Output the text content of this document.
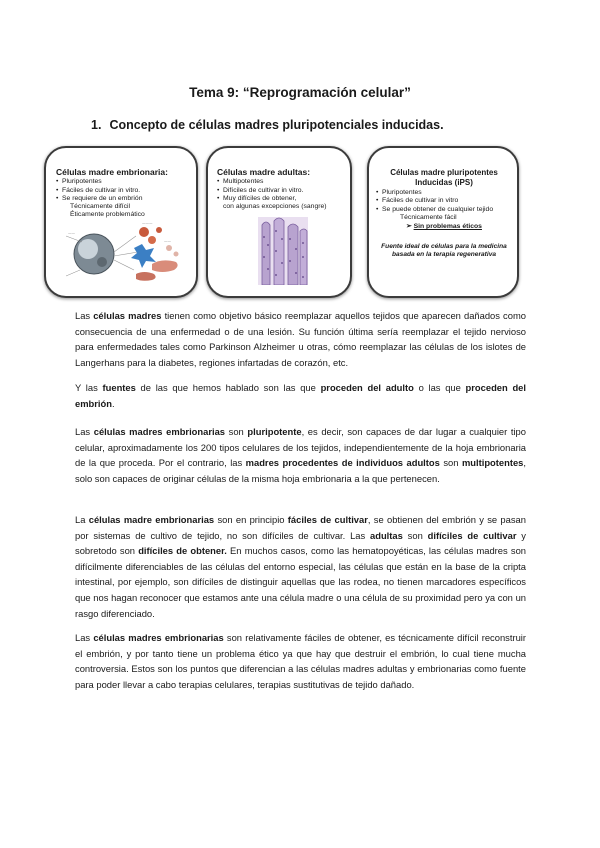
Tema 9: “Reprogramación celular”
1. Concepto de células madres pluripotenciales inducidas.
Células madre embrionaria:
• Pluripotentes
• Fáciles de cultivar in vitro.
• Se requiere de un embrión
Técnicamente difícil
Éticamente problemático
———
——
——
Células madre adultas:
• Multipotentes
• Difíciles de cultivar in vitro.
• Muy difíciles de obtener,
con algunas excepciones (sangre)
Células madre pluripotentes Inducidas (iPS)
• Pluripotentes
• Fáciles de cultivar in vitro
• Se puede obtener de cualquier tejido
Técnicamente fácil
➢ Sin problemas éticos
Fuente ideal de células para la medicina basada en la terapia regenerativa

Las células madres tienen como objetivo básico reemplazar aquellos tejidos que aparecen dañados como consecuencia de una enfermedad o de una lesión. Su función última sería reemplazar el tejido nervioso para enfermedades tales como Parkinson Alzheimer u otras, cómo reemplazar las células de los islotes de Langerhans para la diabetes, regiones infartadas de corazón, etc.

Y las fuentes de las que hemos hablado son las que proceden del adulto o las que proceden del embrión.

Las células madres embrionarias son pluripotente, es decir, son capaces de dar lugar a cualquier tipo celular, aproximadamente los 200 tipos celulares de los tejidos, independientemente de la hoja embrionaria de la que proceda. Por el contrario, las madres procedentes de individuos adultos son multipotentes, solo son capaces de originar células de la misma hoja embrionaria a la que pertenecen.

La células madre embrionarias son en principio fáciles de cultivar, se obtienen del embrión y se pasan por sistemas de cultivo de tejido, no son difíciles de cultivar. Las adultas son difíciles de cultivar y sobretodo son difíciles de obtener. En muchos casos, como las hematopoyéticas, las células madres son difícilmente diferenciables de las células del entorno especial, las células que están en la base de la cripta intestinal, por ejemplo, son difíciles de distinguir aquellas que las rodea, no tienen marcadores específicos que nos hagan reconocer que estamos ante una célula madre o una célula de su proximidad pero ya con un rasgo diferenciado.

Las células madres embrionarias son relativamente fáciles de obtener, es técnicamente difícil reconstruir el embrión, y por tanto tiene un problema ético ya que hay que destruir el embrión, lo cual tiene mucha controversia. Estos son los puntos que diferencian a las células madres adultas y embrionarias como fuente para poder llevar a cabo terapias celulares, terapias sustitutivas de tejido dañado.
